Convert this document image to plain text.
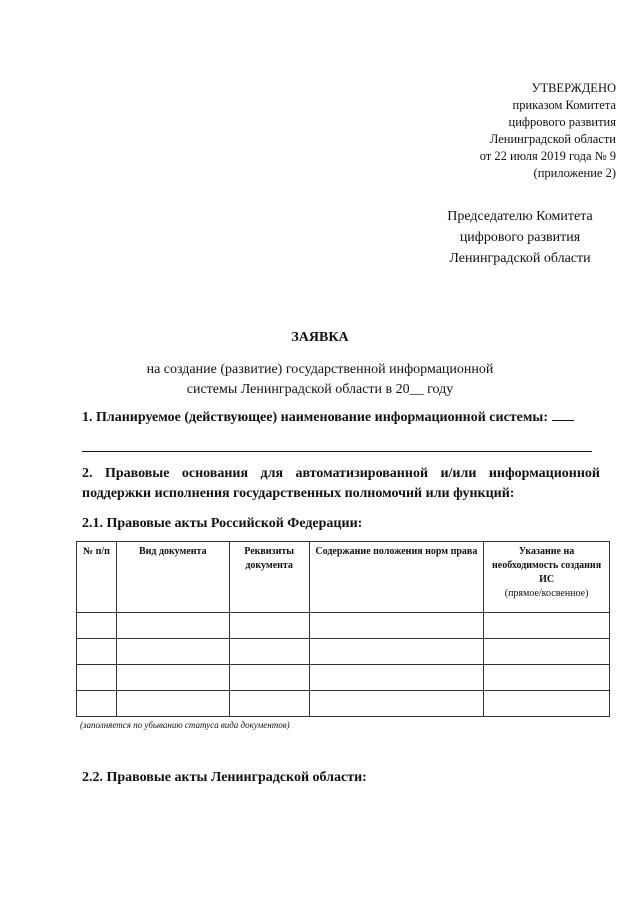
УТВЕРЖДЕНО
приказом Комитета
цифрового развития
Ленинградской области
от 22 июля 2019 года № 9
(приложение 2)
Председателю Комитета
цифрового развития
Ленинградской области
ЗАЯВКА
на создание (развитие) государственной информационной
системы Ленинградской области в 20__ году
1. Планируемое (действующее) наименование информационной системы:
2. Правовые основания для автоматизированной и/или информационной поддержки исполнения государственных полномочий или функций:
2.1. Правовые акты Российской Федерации:
№ п/п	Вид документа	Реквизиты документа	Содержание положения норм права	Указание на необходимость создания ИС
(прямое/косвенное)

(заполняется по убыванию статуса вида документов)
2.2. Правовые акты Ленинградской области:
